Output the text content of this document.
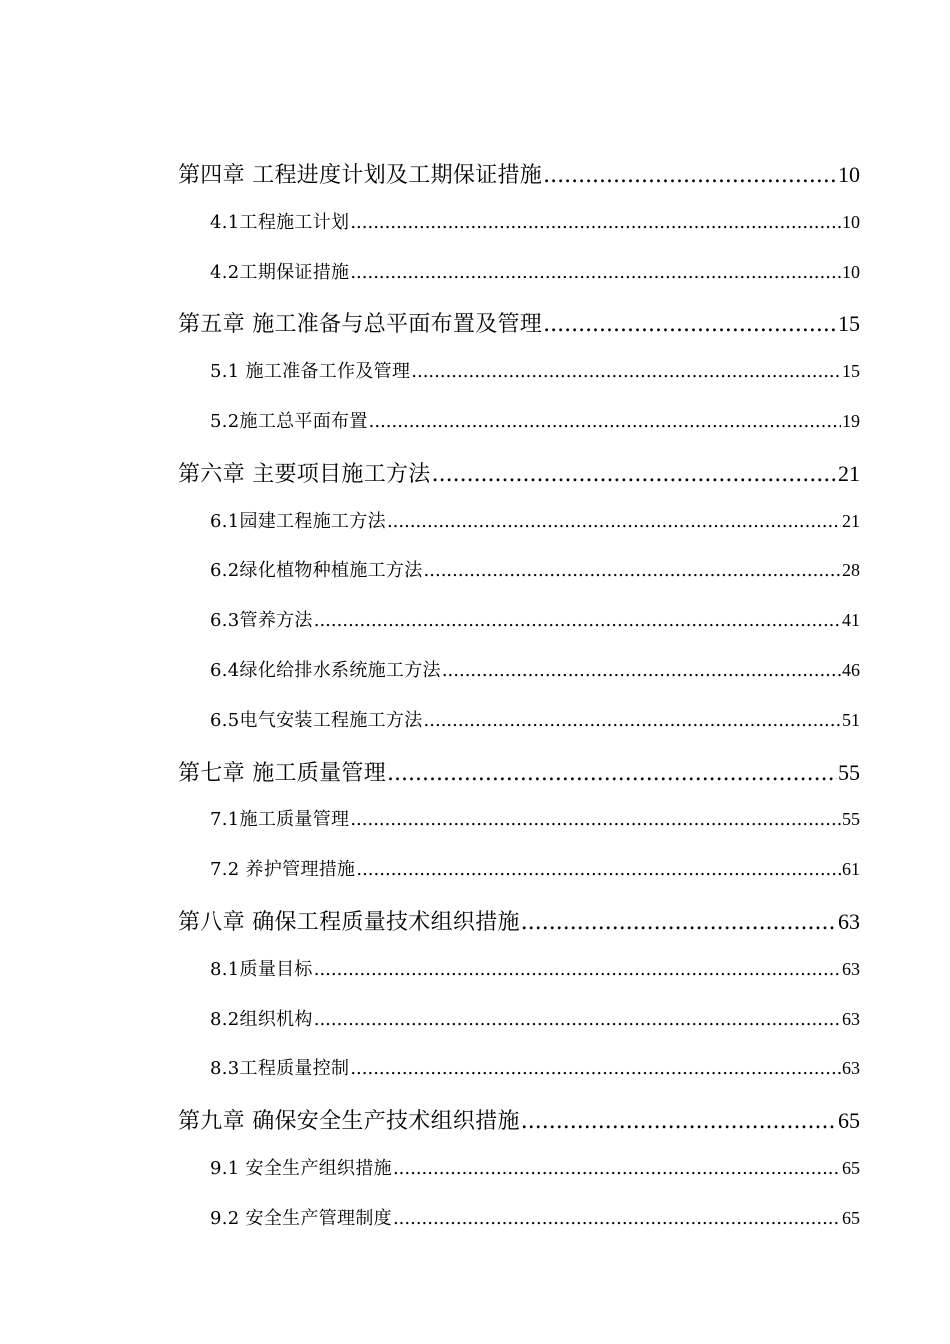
第四章 工程进度计划及工期保证措施 .....	10
4.1工程施工计划 .....	10
4.2工期保证措施 .....	10
第五章 施工准备与总平面布置及管理 .....	15
5.1 施工准备工作及管理 .....	15
5.2施工总平面布置 .....	19
第六章 主要项目施工方法 .....	21
6.1园建工程施工方法 .....	21
6.2绿化植物种植施工方法 .....	28
6.3管养方法 .....	41
6.4绿化给排水系统施工方法 .....	46
6.5电气安装工程施工方法 .....	51
第七章 施工质量管理 .....	55
7.1施工质量管理 .....	55
7.2 养护管理措施 .....	61
第八章 确保工程质量技术组织措施 .....	63
8.1质量目标 .....	63
8.2组织机构 .....	63
8.3工程质量控制 .....	63
第九章 确保安全生产技术组织措施 .....	65
9.1 安全生产组织措施 .....	65
9.2 安全生产管理制度 .....	65
